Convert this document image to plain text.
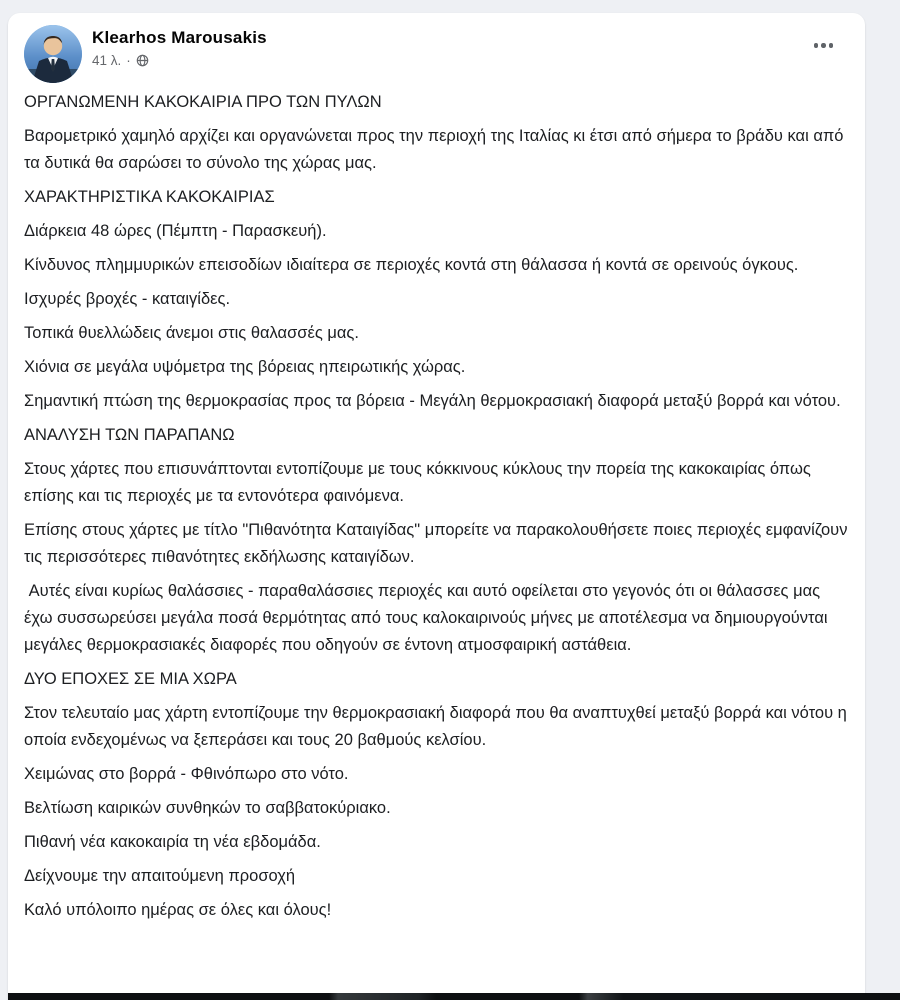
Klearhos Marousakis
41 λ. ·

ΟΡΓΑΝΩΜΕΝΗ ΚΑΚΟΚΑΙΡΙΑ ΠΡΟ ΤΩΝ ΠΥΛΩΝ

Βαρομετρικό χαμηλό αρχίζει και οργανώνεται προς την περιοχή της Ιταλίας κι έτσι από σήμερα το βράδυ και από τα δυτικά θα σαρώσει το σύνολο της χώρας μας.

ΧΑΡΑΚΤΗΡΙΣΤΙΚΑ ΚΑΚΟΚΑΙΡΙΑΣ

Διάρκεια 48 ώρες (Πέμπτη - Παρασκευή).

Κίνδυνος πλημμυρικών επεισοδίων ιδιαίτερα σε περιοχές κοντά στη θάλασσα ή κοντά σε ορεινούς όγκους.

Ισχυρές βροχές - καταιγίδες.

Τοπικά θυελλώδεις άνεμοι στις θαλασσές μας.

Χιόνια σε μεγάλα υψόμετρα της βόρειας ηπειρωτικής χώρας.

Σημαντική πτώση της θερμοκρασίας προς τα βόρεια - Μεγάλη θερμοκρασιακή διαφορά μεταξύ βορρά και νότου.

ΑΝΑΛΥΣΗ ΤΩΝ ΠΑΡΑΠΑΝΩ

Στους χάρτες που επισυνάπτονται εντοπίζουμε με τους κόκκινους κύκλους την πορεία της κακοκαιρίας όπως επίσης και τις περιοχές με τα εντονότερα φαινόμενα.

Επίσης στους χάρτες με τίτλο "Πιθανότητα Καταιγίδας" μπορείτε να παρακολουθήσετε ποιες περιοχές εμφανίζουν τις περισσότερες πιθανότητες εκδήλωσης καταιγίδων.

Αυτές είναι κυρίως θαλάσσιες - παραθαλάσσιες περιοχές και αυτό οφείλεται στο γεγονός ότι οι θάλασσες μας έχω συσσωρεύσει μεγάλα ποσά θερμότητας από τους καλοκαιρινούς μήνες με αποτέλεσμα να δημιουργούνται μεγάλες θερμοκρασιακές διαφορές που οδηγούν σε έντονη ατμοσφαιρική αστάθεια.

ΔΥΟ ΕΠΟΧΕΣ ΣΕ ΜΙΑ ΧΩΡΑ

Στον τελευταίο μας χάρτη εντοπίζουμε την θερμοκρασιακή διαφορά που θα αναπτυχθεί μεταξύ βορρά και νότου η οποία ενδεχομένως να ξεπεράσει και τους 20 βαθμούς κελσίου.

Χειμώνας στο βορρά - Φθινόπωρο στο νότο.

Βελτίωση καιρικών συνθηκών το σαββατοκύριακο.

Πιθανή νέα κακοκαιρία τη νέα εβδομάδα.

Δείχνουμε την απαιτούμενη προσοχή

Καλό υπόλοιπο ημέρας σε όλες και όλους!
